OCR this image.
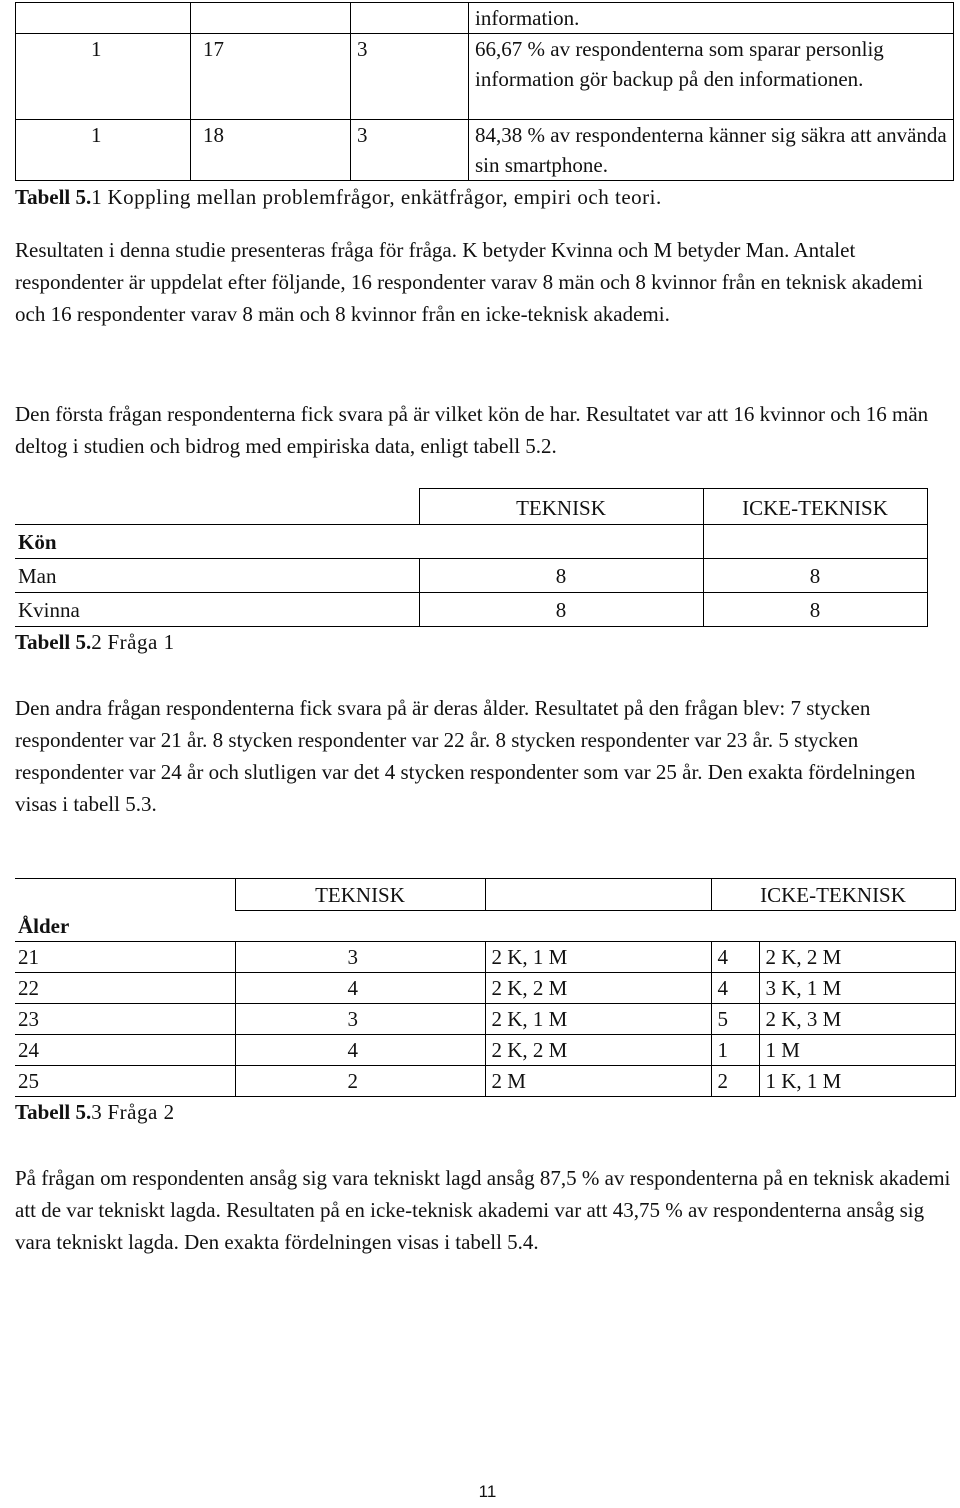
			information.
1	17	3	66,67 % av respondenterna som sparar personlig information gör backup på den informationen.
1	18	3	84,38 % av respondenterna känner sig säkra att använda sin smartphone.
Tabell 5.1 Koppling mellan problemfrågor, enkätfrågor, empiri och teori.

Resultaten i denna studie presenteras fråga för fråga. K betyder Kvinna och M betyder Man. Antalet respondenter är uppdelat efter följande, 16 respondenter varav 8 män och 8 kvinnor från en teknisk akademi och 16 respondenter varav 8 män och 8 kvinnor från en icke-teknisk akademi.

Den första frågan respondenterna fick svara på är vilket kön de har. Resultatet var att 16 kvinnor och 16 män deltog i studien och bidrog med empiriska data, enligt tabell 5.2.

	TEKNISK	ICKE-TEKNISK
Kön		
Man	8	8
Kvinna	8	8
Tabell 5.2 Fråga 1

Den andra frågan respondenterna fick svara på är deras ålder. Resultatet på den frågan blev: 7 stycken respondenter var 21 år. 8 stycken respondenter var 22 år. 8 stycken respondenter var 23 år. 5 stycken respondenter var 24 år och slutligen var det 4 stycken respondenter som var 25 år. Den exakta fördelningen visas i tabell 5.3.

	TEKNISK		ICKE-TEKNISK	
Ålder				
21	3	2 K, 1 M	4	2 K, 2 M
22	4	2 K, 2 M	4	3 K, 1 M
23	3	2 K, 1 M	5	2 K, 3 M
24	4	2 K, 2 M	1	1 M
25	2	2 M	2	1 K, 1 M
Tabell 5.3 Fråga 2

På frågan om respondenten ansåg sig vara tekniskt lagd ansåg 87,5 % av respondenterna på en teknisk akademi att de var tekniskt lagda. Resultaten på en icke-teknisk akademi var att 43,75 % av respondenterna ansåg sig vara tekniskt lagda. Den exakta fördelningen visas i tabell 5.4.

11
